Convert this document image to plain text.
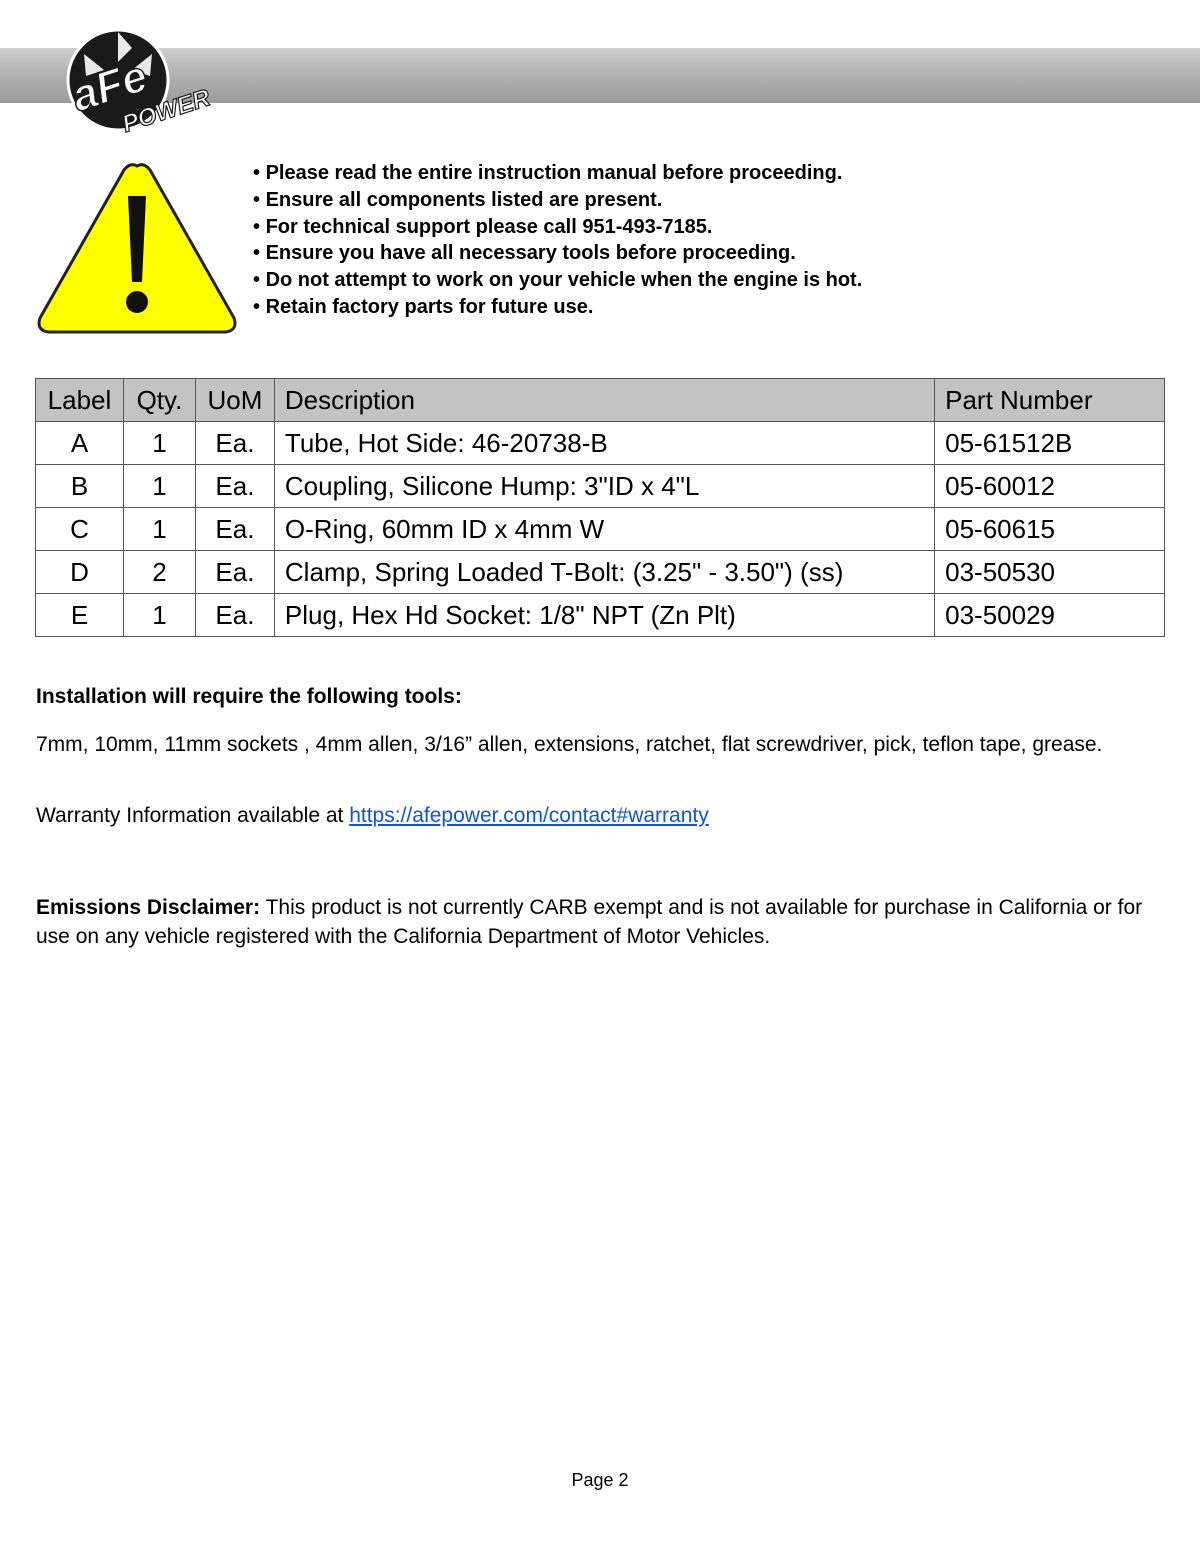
aFe
POWER
• Please read the entire instruction manual before proceeding.
• Ensure all components listed are present.
• For technical support please call 951-493-7185.
• Ensure you have all necessary tools before proceeding.
• Do not attempt to work on your vehicle when the engine is hot.
• Retain factory parts for future use.
Label	Qty.	UoM	Description	Part Number
A	1	Ea.	Tube, Hot Side: 46-20738-B	05-61512B
B	1	Ea.	Coupling, Silicone Hump: 3"ID x 4"L	05-60012
C	1	Ea.	O-Ring, 60mm ID x 4mm W	05-60615
D	2	Ea.	Clamp, Spring Loaded T-Bolt: (3.25" - 3.50") (ss)	03-50530
E	1	Ea.	Plug, Hex Hd Socket: 1/8" NPT (Zn Plt)	03-50029

Installation will require the following tools:

7mm, 10mm, 11mm sockets , 4mm allen, 3/16” allen, extensions, ratchet, flat screwdriver, pick, teflon tape, grease.

Warranty Information available at https://afepower.com/contact#warranty

Emissions Disclaimer: This product is not currently CARB exempt and is not available for purchase in California or for use on any vehicle registered with the California Department of Motor Vehicles.

Page 2
